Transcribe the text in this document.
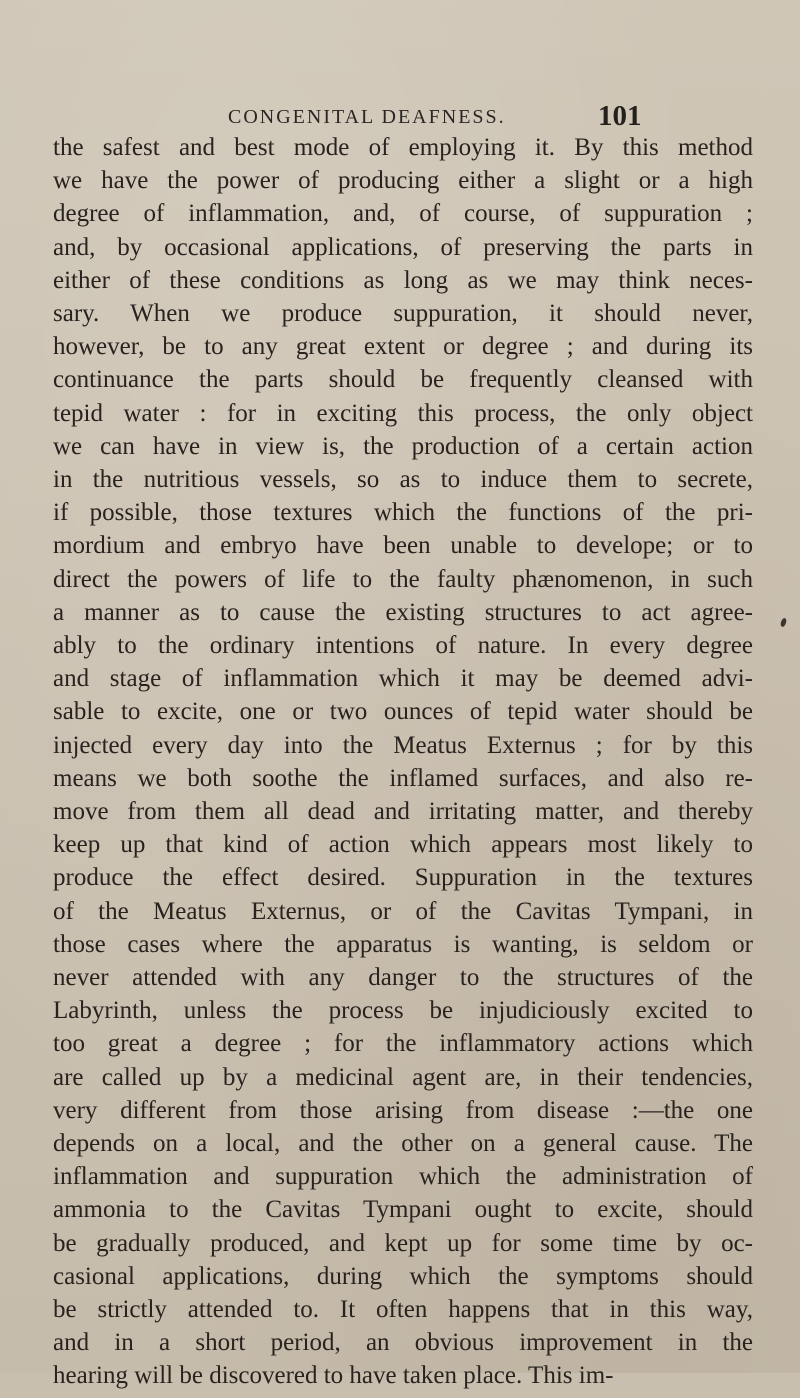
CONGENITAL DEAFNESS.	101
the safest and best mode of employing it. By this method
we have the power of producing either a slight or a high
degree of inflammation, and, of course, of suppuration ;
and, by occasional applications, of preserving the parts in
either of these conditions as long as we may think neces-
sary. When we produce suppuration, it should never,
however, be to any great extent or degree ; and during its
continuance the parts should be frequently cleansed with
tepid water : for in exciting this process, the only object
we can have in view is, the production of a certain action
in the nutritious vessels, so as to induce them to secrete,
if possible, those textures which the functions of the pri-
mordium and embryo have been unable to develope; or to
direct the powers of life to the faulty phænomenon, in such
a manner as to cause the existing structures to act agree-
ably to the ordinary intentions of nature. In every degree
and stage of inflammation which it may be deemed advi-
sable to excite, one or two ounces of tepid water should be
injected every day into the Meatus Externus ; for by this
means we both soothe the inflamed surfaces, and also re-
move from them all dead and irritating matter, and thereby
keep up that kind of action which appears most likely to
produce the effect desired. Suppuration in the textures
of the Meatus Externus, or of the Cavitas Tympani, in
those cases where the apparatus is wanting, is seldom or
never attended with any danger to the structures of the
Labyrinth, unless the process be injudiciously excited to
too great a degree ; for the inflammatory actions which
are called up by a medicinal agent are, in their tendencies,
very different from those arising from disease :—the one
depends on a local, and the other on a general cause. The
inflammation and suppuration which the administration of
ammonia to the Cavitas Tympani ought to excite, should
be gradually produced, and kept up for some time by oc-
casional applications, during which the symptoms should
be strictly attended to. It often happens that in this way,
and in a short period, an obvious improvement in the
hearing will be discovered to have taken place. This im-
